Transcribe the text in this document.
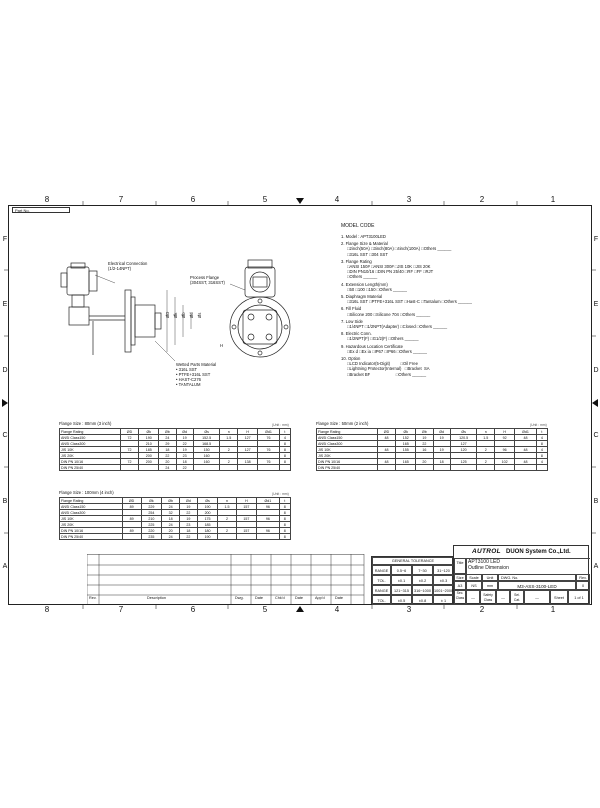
8	7	6	5	4	3	2	1
8	7	6	5	4	3	2	1
F
E
D
C
B
A
F
E
D
C
B
A
Part No.
Electrical Connection
(1/2-14NPT)
Process Flange
(304SST, 316SST)
Wetted Parts Material
• 316L SST
• PTFE+316L SST
• HAST-C276
• TANTALUM
ØD Øk Øb Ød Øs
H
MODEL CODE
1. Model : APT3100LED
2. Flange Size & Material
□2inch(50A) □3inch(80A) □4inch(100A) □Others ______
□316L SST □304 SST
3. Flange Rating
□ANSI 150# □ANSI 300# □JIS 10K □JIS 20K
□DIN PN10/16 □DIN PN 25/40 □RF □FF □RJT
□Others ______
4. Extension Length(mm)
□50 □100 □150 □Others ______
5. Diaphragm Material
□316L SST □PTFE+316L SST □Hast-C □Tantalum □Others ______
6. Fill Fluid
□Silicone 200 □Silicone 704 □Others ______
7. Low Side
□1/4NPT □1/2NPT(Adapter) □Closed □Others ______
8. Electric Conn.
□1/2NPT(F) □G1/2(F) □Others ______
9. Hazardous Location Certificate
□Ex d □Ex ia □IP67 □IP66 □Others ______
10. Option
□LCD Indicator(5-Digit)         □Oil Free
□Lightning Protector(Internal)   □Bracket  SA
□Bracket BF                      □Others ______
Flange Size : 80mm (3 inch)	(Unit : mm)
Flange Rating	ØD	Øk	Øb	Ød	Øs	n	H	Ød1	t
ANSI Class150	72	190	24	19	152.5	1.5	127	76	4
ANSI Class300		210	29	22	168.5				8
JIS 10K	72	185	18	19	150	2	127	76	8
JIS 20K		200	22	23	160				8
DIN PN 10/16	72	200	20	18	160	2	138	76	8
DIN PN 25/40			24	22					
Flange Size : 50mm (2 inch)	(Unit : mm)
Flange Rating	ØD	Øk	Øb	Ød	Øs	n	H	Ød1	t
ANSI Class150	48	152	19	19	120.5	1.5	92	48	4
ANSI Class300		165	22		127				8
JIS 10K	48	155	16	19	120	2	96	48	4
JIS 20K									8
DIN PN 10/16	48	165	20	18	125	2	102	48	4
DIN PN 25/40									
Flange Size : 100mm (4 inch)	(Unit : mm)
Flange Rating	ØD	Øk	Øb	Ød	Øs	n	H	Ød1	t
ANSI Class150	89	229	24	19	190	1.5	157	96	8
ANSI Class300		254	32	22	200				8
JIS 10K	89	210	18	19	175	2	157	96	8
JIS 20K		225	24	23	185				8
DIN PN 10/16	89	220	20	18	180	2	157	96	8
DIN PN 25/40		235	24	22	190				8
Rev.	Description	Dwg.	Date	Chk'd	Date	App'd	Date
GENERAL TOLERANCE
RANGE	0.5~6	7~30	31~120
TOL.	±0.1	±0.2	±0.3
RANGE	121~315	316~1000 1001~2000
TOL.	±0.5	±0.8	± 1
AUTROL DUON System Co.,Ltd.
Title APT3100 LED
Outline Dimension
Size	Scale	Unit	DWG. No.	Rev.
A3	NS	mm	M3-ASS-3100-LED	0
Sec. Class	—
Safety Class	—
Sei. Cat.	—	Sheet	1 of 1
